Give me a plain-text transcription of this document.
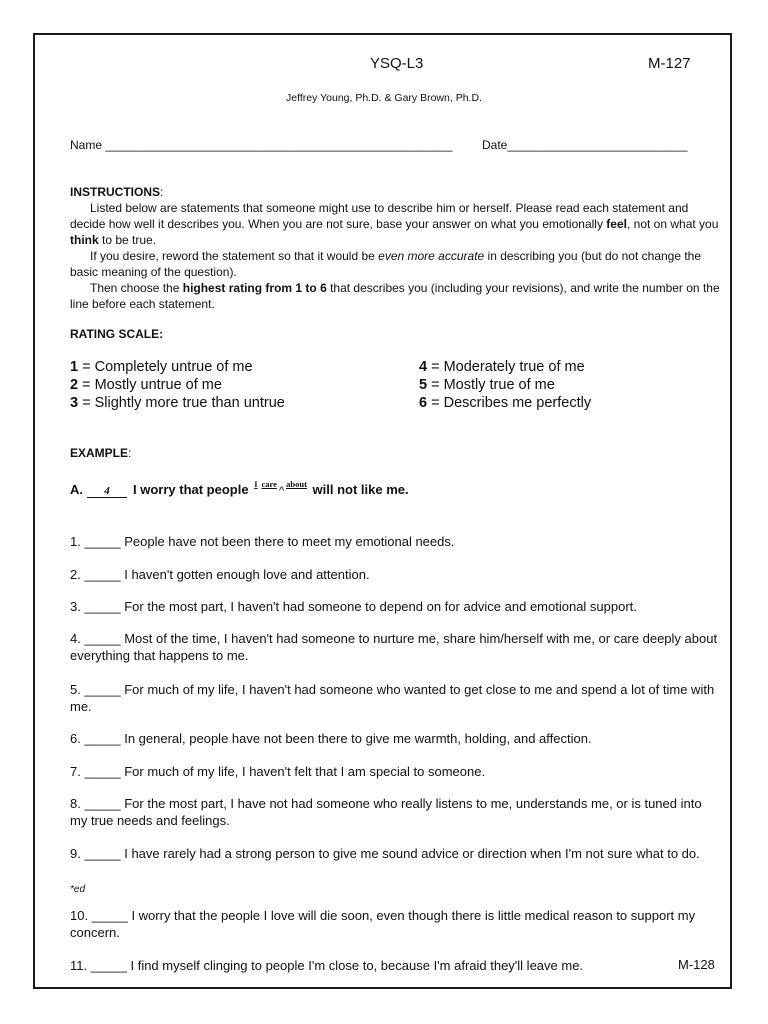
YSQ-L3	M-127
Jeffrey Young, Ph.D. & Gary Brown, Ph.D.
Name ____________________________________________________ Date___________________________
INSTRUCTIONS:
Listed below are statements that someone might use to describe him or herself. Please read each statement and decide how well it describes you. When you are not sure, base your answer on what you emotionally feel, not on what you think to be true.
If you desire, reword the statement so that it would be even more accurate in describing you (but do not change the basic meaning of the question).
Then choose the highest rating from 1 to 6 that describes you (including your revisions), and write the number on the line before each statement.
RATING SCALE:
1 = Completely untrue of me
2 = Mostly untrue of me
3 = Slightly more true than untrue
4 = Moderately true of me
5 = Mostly true of me
6 = Describes me perfectly
EXAMPLE:
A. 4 I worry that people I care^about will not like me.
1. _____ People have not been there to meet my emotional needs.
2. _____ I haven't gotten enough love and attention.
3. _____ For the most part, I haven't had someone to depend on for advice and emotional support.
4. _____ Most of the time, I haven't had someone to nurture me, share him/herself with me, or care deeply about everything that happens to me.
5. _____ For much of my life, I haven't had someone who wanted to get close to me and spend a lot of time with me.
6. _____ In general, people have not been there to give me warmth, holding, and affection.
7. _____ For much of my life, I haven't felt that I am special to someone.
8. _____ For the most part, I have not had someone who really listens to me, understands me, or is tuned into my true needs and feelings.
9. _____ I have rarely had a strong person to give me sound advice or direction when I'm not sure what to do.
*ed
10. _____ I worry that the people I love will die soon, even though there is little medical reason to support my concern.
11. _____ I find myself clinging to people I'm close to, because I'm afraid they'll leave me.	M-128
